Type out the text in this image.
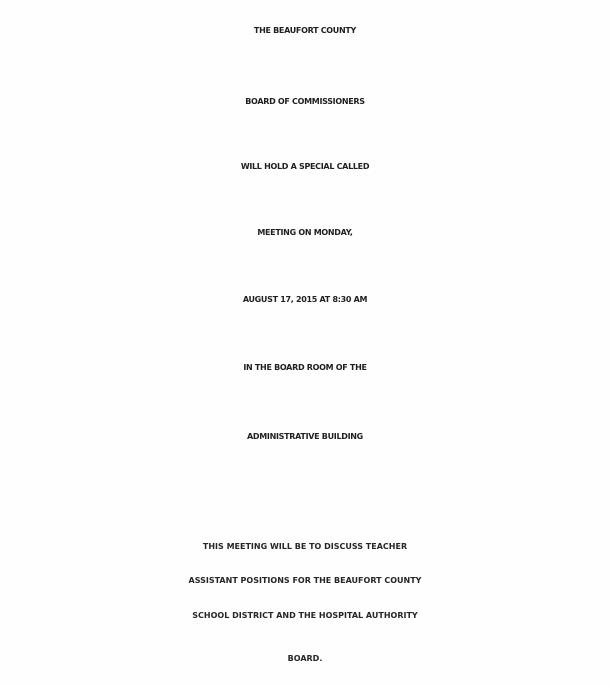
THE BEAUFORT COUNTY
BOARD OF COMMISSIONERS
WILL HOLD A SPECIAL CALLED
MEETING ON MONDAY,
AUGUST 17, 2015 AT 8:30 AM
IN THE BOARD ROOM OF THE
ADMINISTRATIVE BUILDING
THIS MEETING WILL BE TO DISCUSS TEACHER
ASSISTANT POSITIONS FOR THE BEAUFORT COUNTY
SCHOOL DISTRICT AND THE HOSPITAL AUTHORITY
BOARD.
